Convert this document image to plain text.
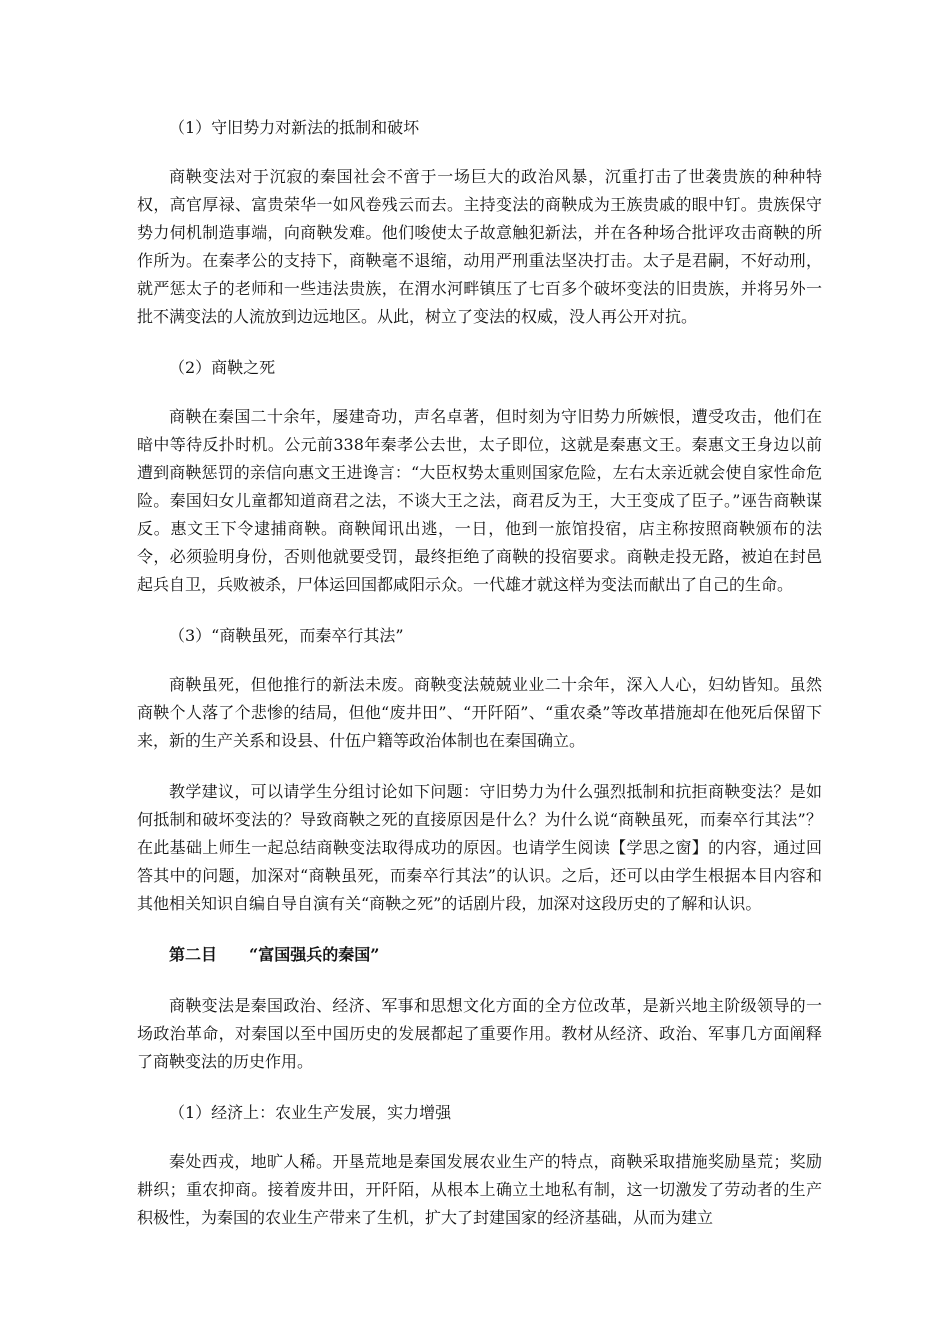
（1）守旧势力对新法的抵制和破坏

商鞅变法对于沉寂的秦国社会不啻于一场巨大的政治风暴，沉重打击了世袭贵族的种种特权，高官厚禄、富贵荣华一如风卷残云而去。主持变法的商鞅成为王族贵戚的眼中钉。贵族保守势力伺机制造事端，向商鞅发难。他们唆使太子故意触犯新法，并在各种场合批评攻击商鞅的所作所为。在秦孝公的支持下，商鞅毫不退缩，动用严刑重法坚决打击。太子是君嗣，不好动刑，就严惩太子的老师和一些违法贵族，在渭水河畔镇压了七百多个破坏变法的旧贵族，并将另外一批不满变法的人流放到边远地区。从此，树立了变法的权威，没人再公开对抗。

（2）商鞅之死

商鞅在秦国二十余年，屡建奇功，声名卓著，但时刻为守旧势力所嫉恨，遭受攻击，他们在暗中等待反扑时机。公元前338年秦孝公去世，太子即位，这就是秦惠文王。秦惠文王身边以前遭到商鞅惩罚的亲信向惠文王进谗言：“大臣权势太重则国家危险，左右太亲近就会使自家性命危险。秦国妇女儿童都知道商君之法，不谈大王之法，商君反为王，大王变成了臣子。”诬告商鞅谋反。惠文王下令逮捕商鞅。商鞅闻讯出逃，一日，他到一旅馆投宿，店主称按照商鞅颁布的法令，必须验明身份，否则他就要受罚，最终拒绝了商鞅的投宿要求。商鞅走投无路，被迫在封邑起兵自卫，兵败被杀，尸体运回国都咸阳示众。一代雄才就这样为变法而献出了自己的生命。

（3）“商鞅虽死，而秦卒行其法”

商鞅虽死，但他推行的新法未废。商鞅变法兢兢业业二十余年，深入人心，妇幼皆知。虽然商鞅个人落了个悲惨的结局，但他“废井田”、“开阡陌”、“重农桑”等改革措施却在他死后保留下来，新的生产关系和设县、什伍户籍等政治体制也在秦国确立。

教学建议，可以请学生分组讨论如下问题：守旧势力为什么强烈抵制和抗拒商鞅变法？是如何抵制和破坏变法的？导致商鞅之死的直接原因是什么？为什么说“商鞅虽死，而秦卒行其法”？在此基础上师生一起总结商鞅变法取得成功的原因。也请学生阅读【学思之窗】的内容，通过回答其中的问题，加深对“商鞅虽死，而秦卒行其法”的认识。之后，还可以由学生根据本目内容和其他相关知识自编自导自演有关“商鞅之死”的话剧片段，加深对这段历史的了解和认识。

第二目 “富国强兵的秦国”

商鞅变法是秦国政治、经济、军事和思想文化方面的全方位改革，是新兴地主阶级领导的一场政治革命，对秦国以至中国历史的发展都起了重要作用。教材从经济、政治、军事几方面阐释了商鞅变法的历史作用。

（1）经济上：农业生产发展，实力增强

秦处西戎，地旷人稀。开垦荒地是秦国发展农业生产的特点，商鞅采取措施奖励垦荒；奖励耕织；重农抑商。接着废井田，开阡陌，从根本上确立土地私有制，这一切激发了劳动者的生产积极性，为秦国的农业生产带来了生机，扩大了封建国家的经济基础，从而为建立
